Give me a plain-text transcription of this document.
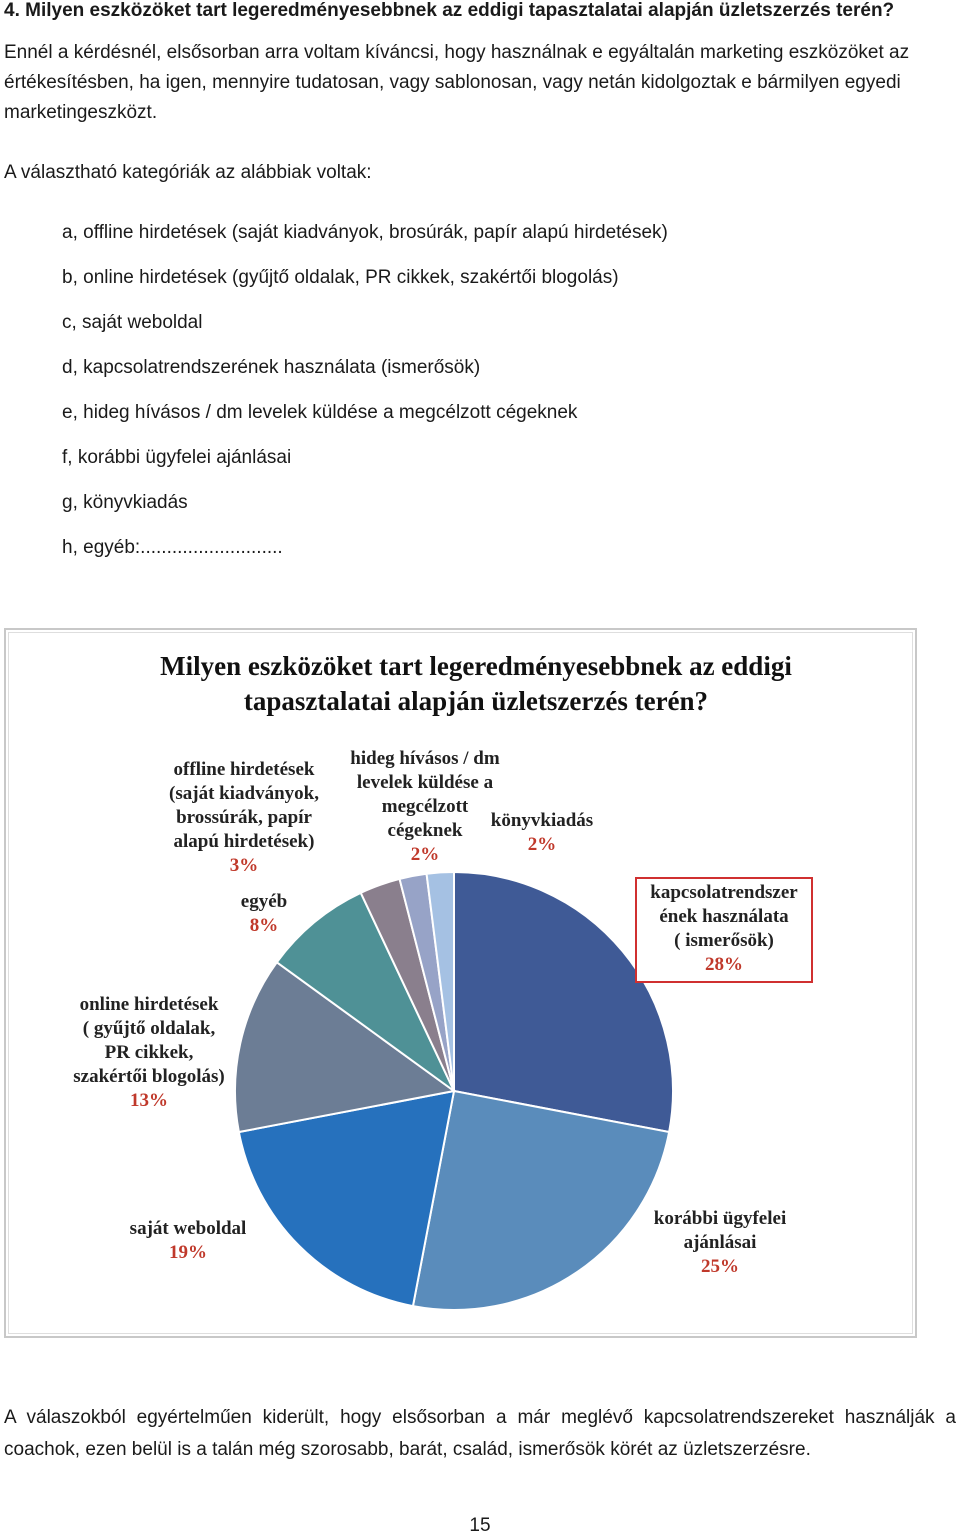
4. Milyen eszközöket tart legeredményesebbnek az eddigi tapasztalatai alapján üzletszerzés terén?
Ennél a kérdésnél, elsősorban arra voltam kíváncsi, hogy használnak e egyáltalán marketing eszközöket az értékesítésben, ha igen, mennyire tudatosan, vagy sablonosan, vagy netán kidolgoztak e bármilyen egyedi marketingeszközt.
A választható kategóriák az alábbiak voltak:
a, offline hirdetések (saját kiadványok, brosúrák, papír alapú hirdetések)
b, online hirdetések (gyűjtő oldalak, PR cikkek, szakértői blogolás)
c, saját weboldal
d, kapcsolatrendszerének használata (ismerősök)
e, hideg hívásos / dm levelek küldése a megcélzott cégeknek
f, korábbi ügyfelei ajánlásai
g, könyvkiadás
h, egyéb:...........................
Milyen eszközöket tart legeredményesebbnek az eddigi
tapasztalatai alapján üzletszerzés terén?
kapcsolatrendszer
ének használata
( ismerősök)
28%
korábbi ügyfelei
ajánlásai
25%
saját weboldal
19%
online hirdetések
( gyűjtő oldalak,
PR cikkek,
szakértői blogolás)
13%
egyéb
8%
offline hirdetések
(saját kiadványok,
brossúrák, papír
alapú hirdetések)
3%
hideg hívásos / dm
levelek küldése a
megcélzott
cégeknek
2%
könyvkiadás
2%
A válaszokból egyértelműen kiderült, hogy elsősorban a már meglévő kapcsolatrendszereket használják a coachok, ezen belül is a talán még szorosabb, barát, család, ismerősök körét az üzletszerzésre.
15
